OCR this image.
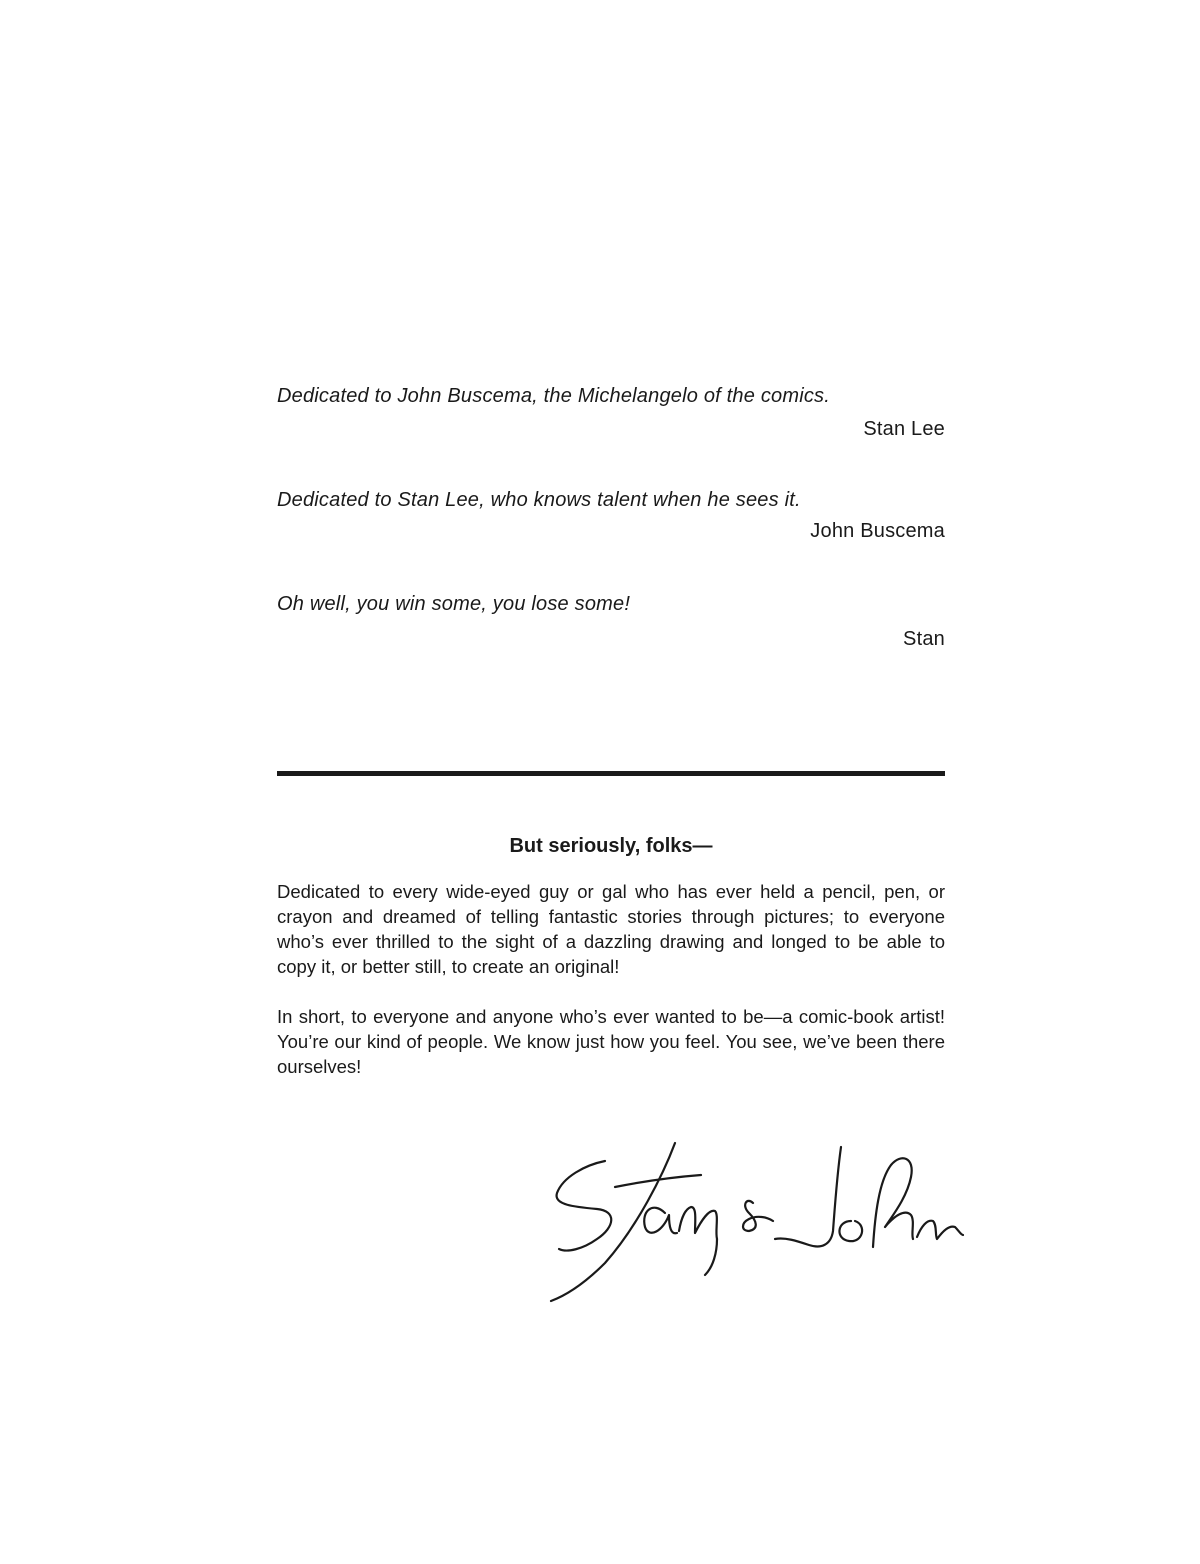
Dedicated to John Buscema, the Michelangelo of the comics.
Stan Lee
Dedicated to Stan Lee, who knows talent when he sees it.
John Buscema
Oh well, you win some, you lose some!
Stan
But seriously, folks—

Dedicated to every wide-eyed guy or gal who has ever held a pencil, pen, or crayon and dreamed of telling fantastic stories through pictures; to everyone who’s ever thrilled to the sight of a dazzling drawing and longed to be able to copy it, or better still, to create an original!

In short, to everyone and anyone who’s ever wanted to be—a comic-book artist! You’re our kind of people. We know just how you feel. You see, we’ve been there ourselves!
